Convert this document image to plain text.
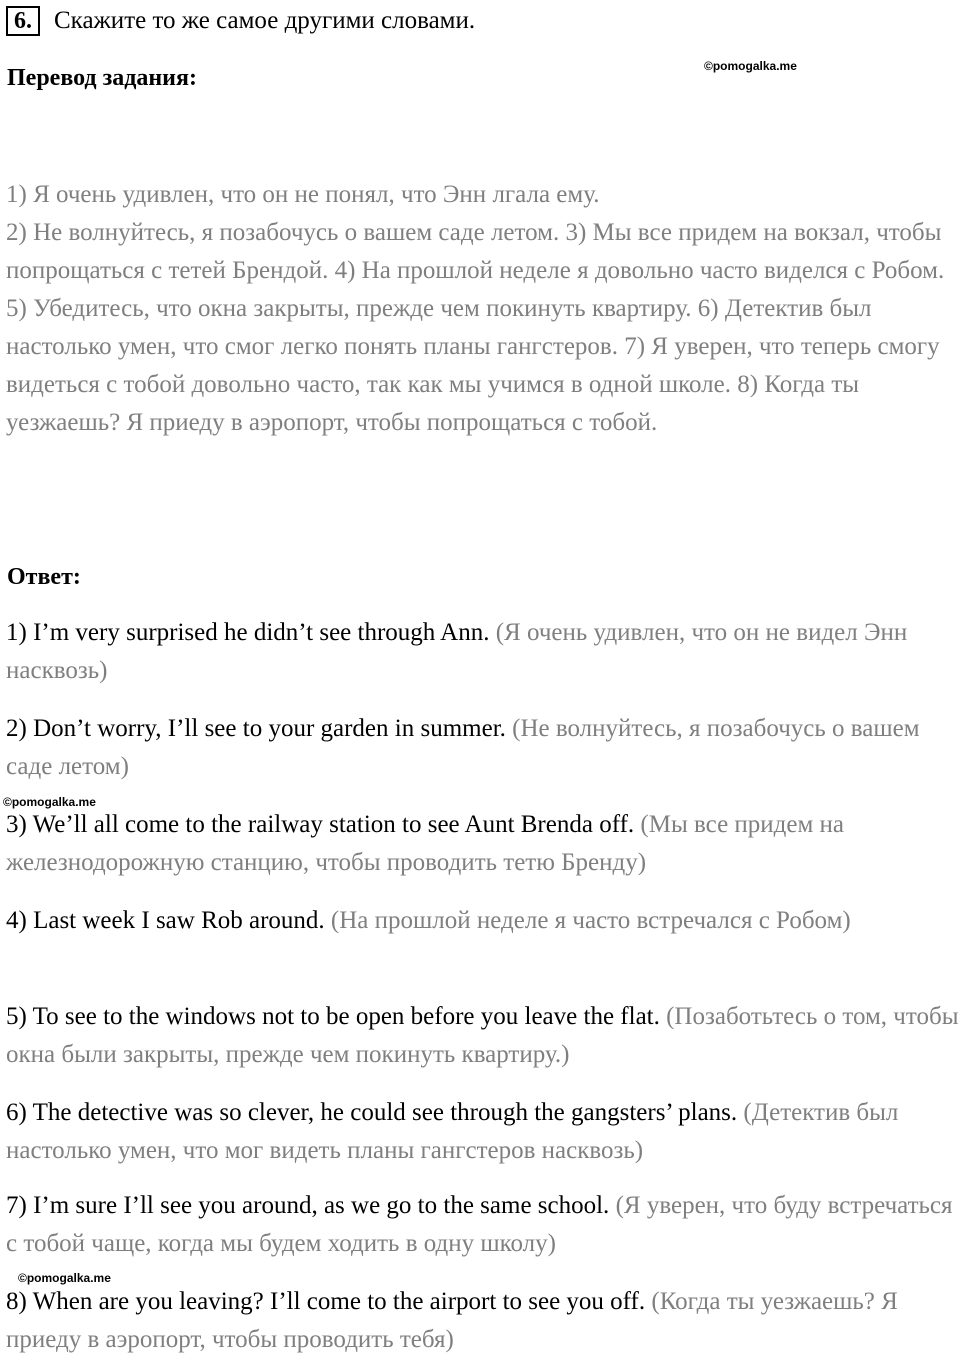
6. Скажите то же самое другими словами.
Перевод задания:	©pomogalka.me

1) Я очень удивлен, что он не понял, что Энн лгала ему.

2) Не волнуйтесь, я позабочусь о вашем саде летом. 3) Мы все придем на вокзал, чтобы попрощаться с тетей Брендой. 4) На прошлой неделе я довольно часто виделся с Робом. 5) Убедитесь, что окна закрыты, прежде чем покинуть квартиру. 6) Детектив был настолько умен, что смог легко понять планы гангстеров. 7) Я уверен, что теперь смогу видеться с тобой довольно часто, так как мы учимся в одной школе. 8) Когда ты уезжаешь? Я приеду в аэропорт, чтобы попрощаться с тобой.

Ответ:

1) I’m very surprised he didn’t see through Ann. (Я очень удивлен, что он не видел Энн насквозь)

2) Don’t worry, I’ll see to your garden in summer. (Не волнуйтесь, я позабочусь о вашем саде летом)

©pomogalka.me

3) We’ll all come to the railway station to see Aunt Brenda off. (Мы все придем на железнодорожную станцию, чтобы проводить тетю Бренду)

4) Last week I saw Rob around. (На прошлой неделе я часто встречался с Робом)

5) To see to the windows not to be open before you leave the flat. (Позаботьтесь о том, чтобы окна были закрыты, прежде чем покинуть квартиру.)

6) The detective was so clever, he could see through the gangsters’ plans. (Детектив был настолько умен, что мог видеть планы гангстеров насквозь)

7) I’m sure I’ll see you around, as we go to the same school. (Я уверен, что буду встречаться с тобой чаще, когда мы будем ходить в одну школу)

©pomogalka.me

8) When are you leaving? I’ll come to the airport to see you off. (Когда ты уезжаешь? Я приеду в аэропорт, чтобы проводить тебя)
